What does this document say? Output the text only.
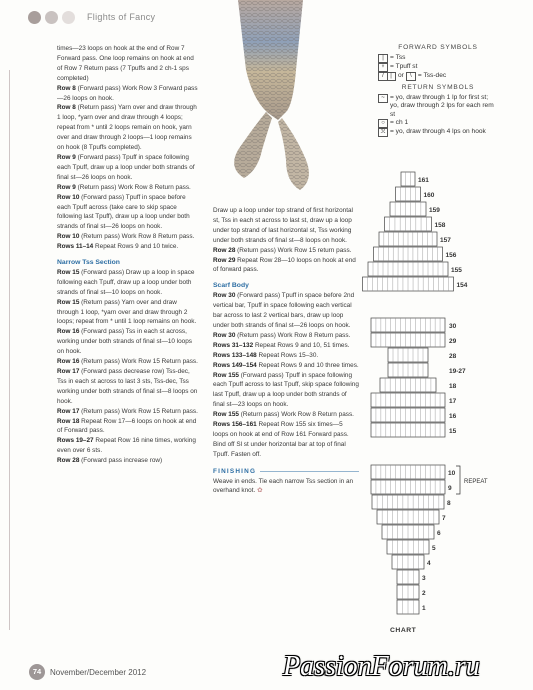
Flights of Fancy

times—23 loops on hook at the end of Row 7 Forward pass. One loop remains on hook at end of Row 7 Return pass (7 Tpuffs and 2 ch-1 sps completed)

Row 8 (Forward pass) Work Row 3 Forward pass—26 loops on hook.

Row 8 (Return pass) Yarn over and draw through 1 loop, *yarn over and draw through 4 loops; repeat from * until 2 loops remain on hook, yarn over and draw through 2 loops—1 loop remains on hook (8 Tpuffs completed).

Row 9 (Forward pass) Tpuff in space following each Tpuff, draw up a loop under both strands of final st—26 loops on hook.

Row 9 (Return pass) Work Row 8 Return pass.

Row 10 (Forward pass) Tpuff in space before each Tpuff across (take care to skip space following last Tpuff), draw up a loop under both strands of final st—26 loops on hook.

Row 10 (Return pass) Work Row 8 Return pass.

Rows 11–14 Repeat Rows 9 and 10 twice.

Narrow Tss Section

Row 15 (Forward pass) Draw up a loop in space following each Tpuff, draw up a loop under both strands of final st—10 loops on hook.

Row 15 (Return pass) Yarn over and draw through 1 loop, *yarn over and draw through 2 loops; repeat from * until 1 loop remains on hook.

Row 16 (Forward pass) Tss in each st across, working under both strands of final st—10 loops on hook.

Row 16 (Return pass) Work Row 15 Return pass.

Row 17 (Forward pass decrease row) Tss-dec, Tss in each st across to last 3 sts, Tss-dec, Tss working under both strands of final st—8 loops on hook.

Row 17 (Return pass) Work Row 15 Return pass.

Row 18 Repeat Row 17—6 loops on hook at end of Forward pass.

Rows 19–27 Repeat Row 16 nine times, working even over 6 sts.

Row 28 (Forward pass increase row)

Draw up a loop under top strand of first horizontal st, Tss in each st across to last st, draw up a loop under top strand of last horizontal st, Tss working under both strands of final st—8 loops on hook.

Row 28 (Return pass) Work Row 15 return pass.

Row 29 Repeat Row 28—10 loops on hook at end of forward pass.

Scarf Body

Row 30 (Forward pass) Tpuff in space before 2nd vertical bar, Tpuff in space following each vertical bar across to last 2 vertical bars, draw up loop under both strands of final st—26 loops on hook.

Row 30 (Return pass) Work Row 8 Return pass.

Rows 31–132 Repeat Rows 9 and 10, 51 times.

Rows 133–148 Repeat Rows 15–30.

Rows 149–154 Repeat Rows 9 and 10 three times.

Row 155 (Forward pass) Tpuff in space following each Tpuff across to last Tpuff, skip space following last Tpuff, draw up a loop under both strands of final st—23 loops on hook.

Row 155 (Return pass) Work Row 8 Return pass.

Rows 156–161 Repeat Row 155 six times—5 loops on hook at end of Row 161 Forward pass.

Bind off Sl st under horizontal bar at top of final Tpuff. Fasten off.

FINISHING

Weave in ends. Tie each narrow Tss section in an overhand knot. ✿

FORWARD SYMBOLS
| = Tss
♆ = Tpuff st
/	| or	\ = Tss-dec
RETURN SYMBOLS
~ = yo, draw through 1 lp for first st; yo, draw through 2 lps for each rem st
○ = ch 1
ℛ = yo, draw through 4 lps on hook
161
160
159
158
157
156
155
154
30
29
28
19-27
18
17
16
15
10
9
8
7
6
5
4
3
2
1
REPEAT
CHART
74	November/December 2012	PassionForum.ru
